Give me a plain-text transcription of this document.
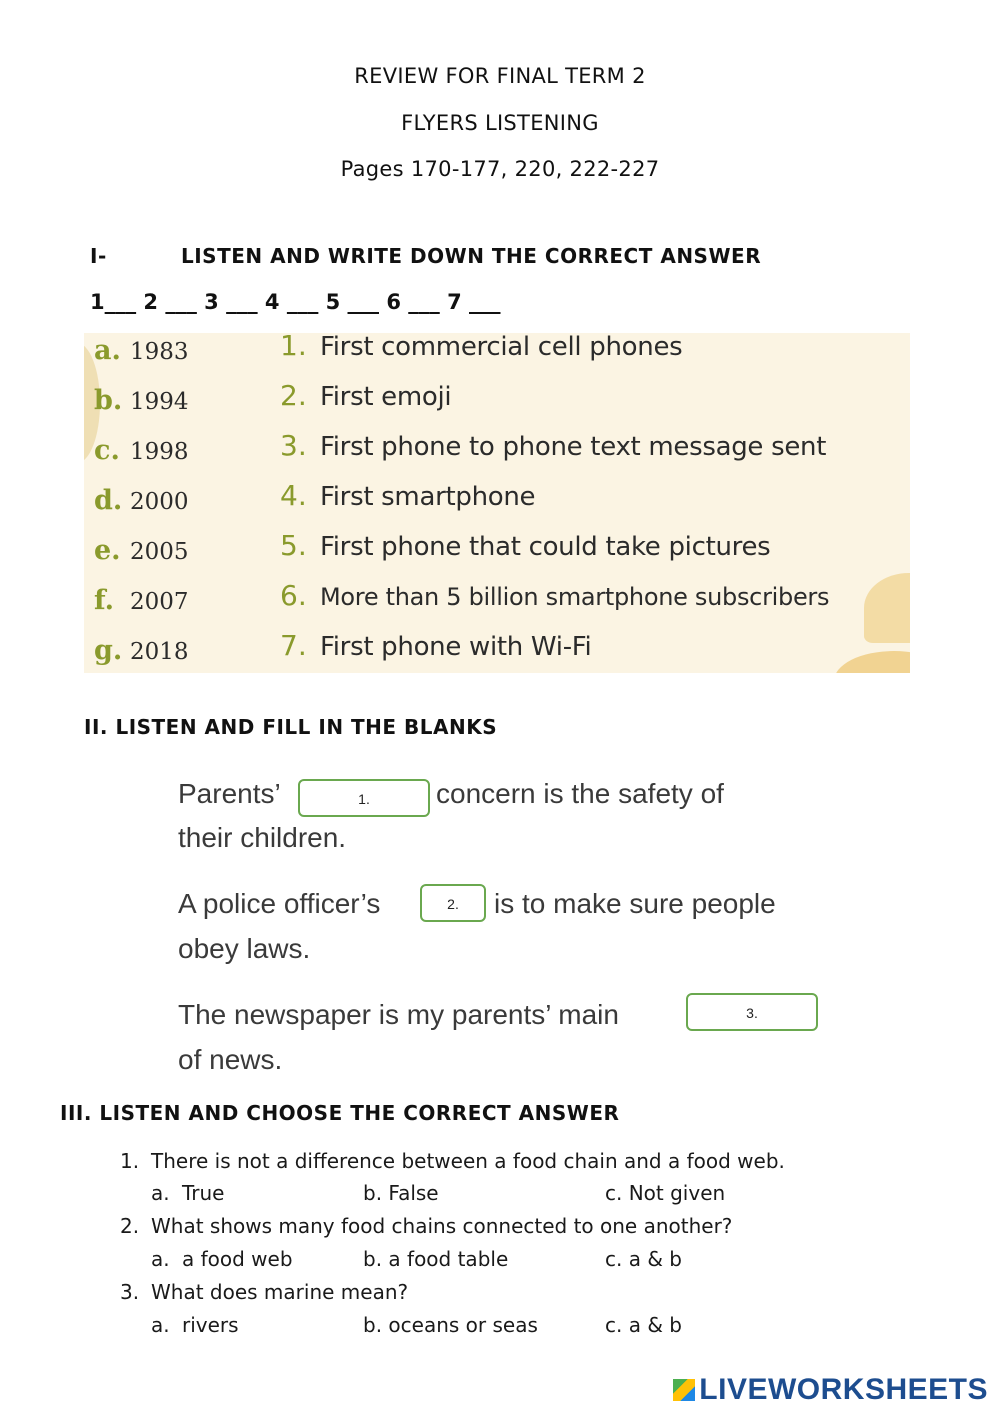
REVIEW FOR FINAL TERM 2
FLYERS LISTENING
Pages 170-177, 220, 222-227
I-	LISTEN AND WRITE DOWN THE CORRECT ANSWER
1___ 2 ___ 3 ___ 4 ___ 5 ___ 6 ___ 7 ___
a. 1983
b. 1994
c. 1998
d. 2000
e. 2005
f. 2007
g. 2018
1. First commercial cell phones
2. First emoji
3. First phone to phone text message sent
4. First smartphone
5. First phone that could take pictures
6. More than 5 billion smartphone subscribers
7. First phone with Wi-Fi
II. LISTEN AND FILL IN THE BLANKS
Parents’	1.	concern is the safety of
their children.
A police officer’s	2.	is to make sure people
obey laws.
The newspaper is my parents’ main	3.
of news.
III. LISTEN AND CHOOSE THE CORRECT ANSWER
1. There is not a difference between a food chain and a food web.
a. True	b. False	c. Not given
2. What shows many food chains connected to one another?
a. a food web	b. a food table	c. a & b
3. What does marine mean?
a. rivers	b. oceans or seas	c. a & b
LIVEWORKSHEETS
